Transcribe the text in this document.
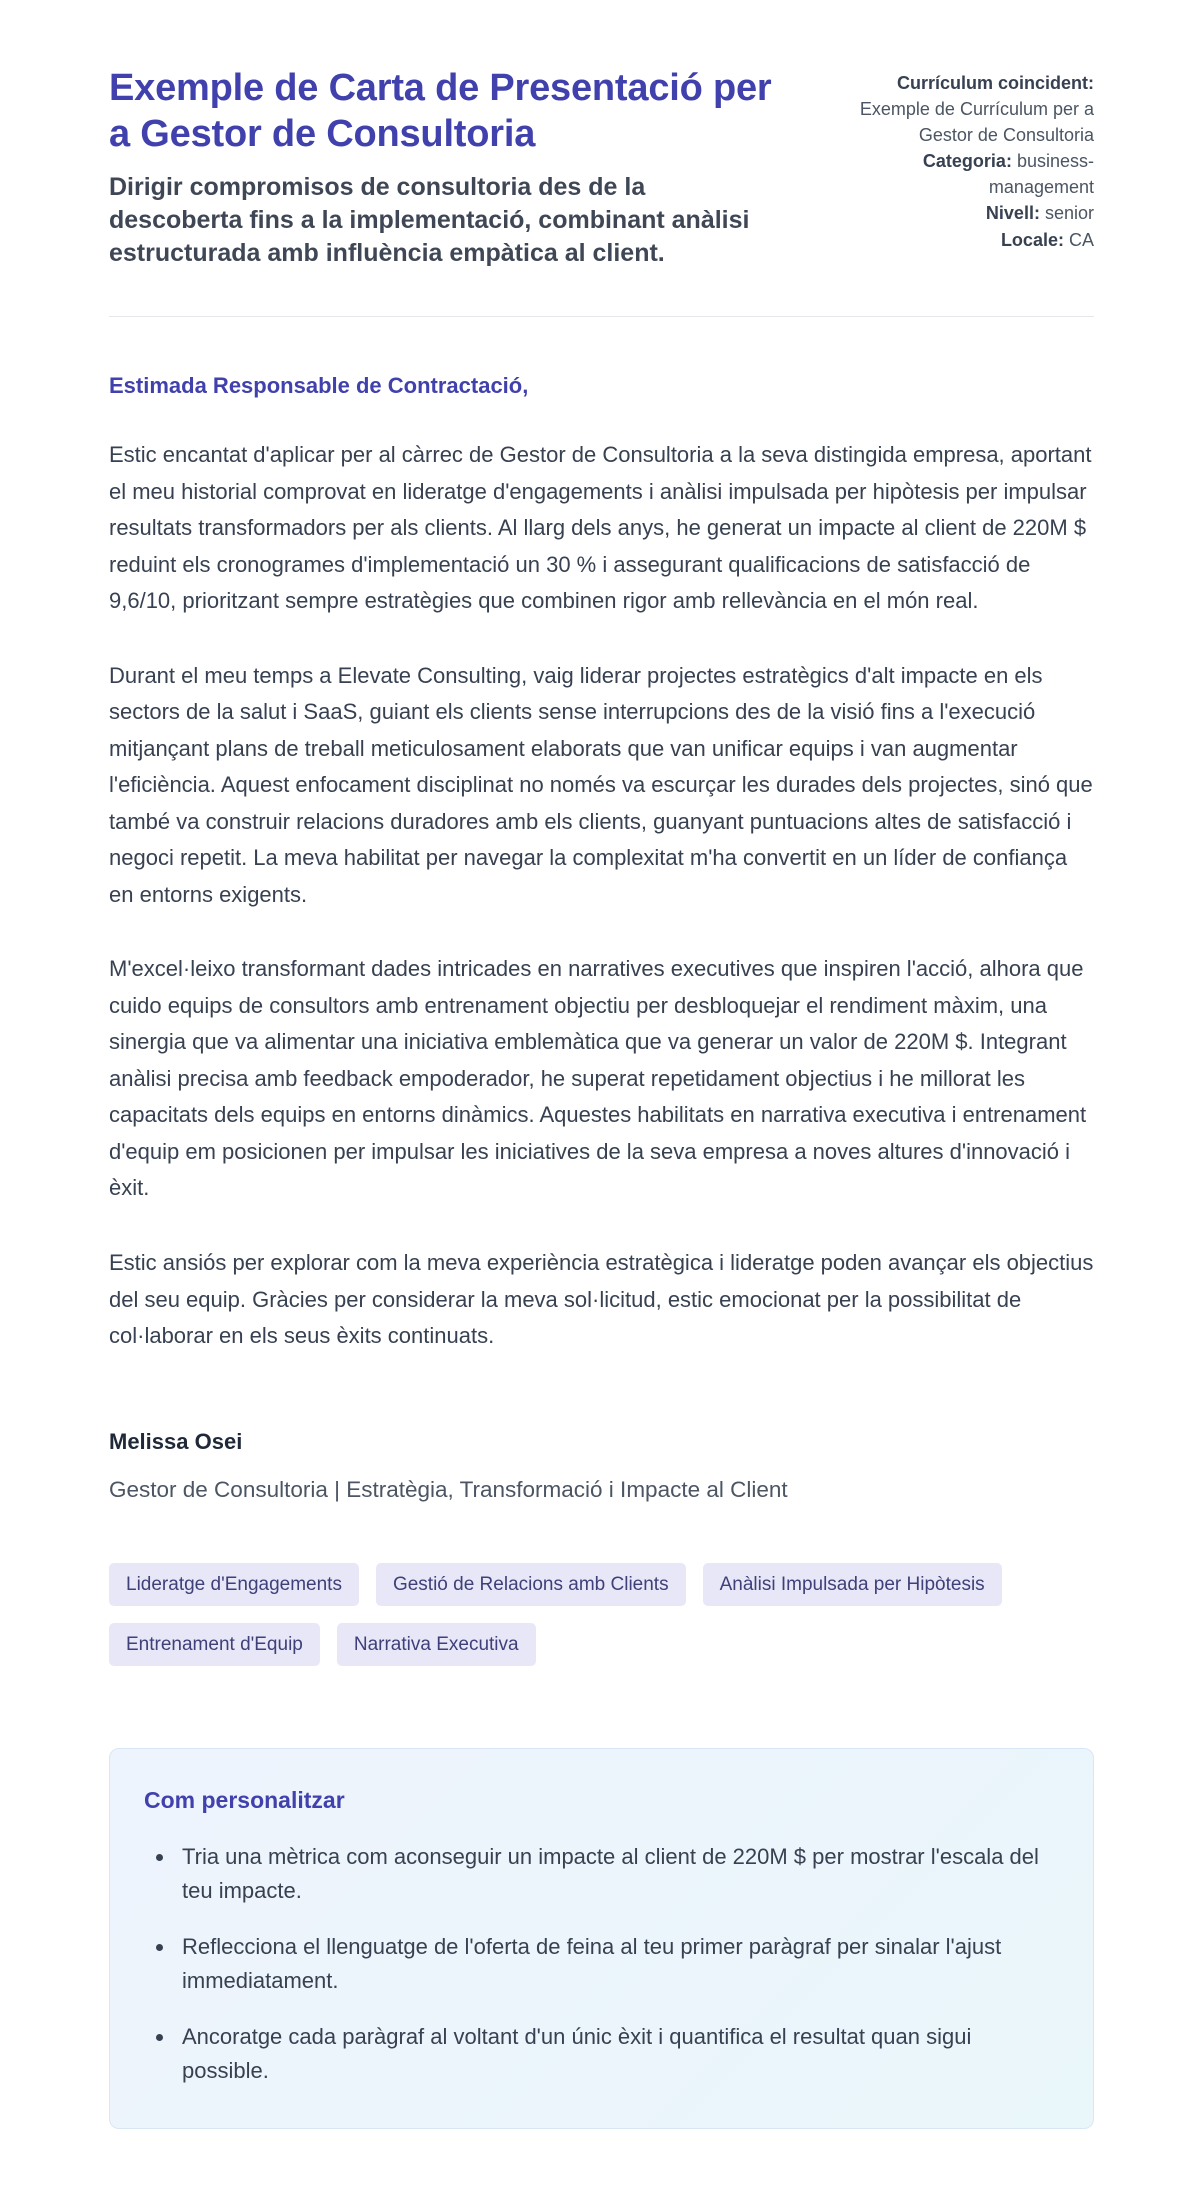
Exemple de Carta de Presentació per a Gestor de Consultoria

Dirigir compromisos de consultoria des de la descoberta fins a la implementació, combinant anàlisi estructurada amb influència empàtica al client.

Currículum coincident:
Exemple de Currículum per a Gestor de Consultoria
Categoria: business-management
Nivell: senior
Locale: CA

Estimada Responsable de Contractació,

Estic encantat d'aplicar per al càrrec de Gestor de Consultoria a la seva distingida empresa, aportant el meu historial comprovat en lideratge d'engagements i anàlisi impulsada per hipòtesis per impulsar resultats transformadors per als clients. Al llarg dels anys, he generat un impacte al client de 220M $ reduint els cronogrames d'implementació un 30 % i assegurant qualificacions de satisfacció de 9,6/10, prioritzant sempre estratègies que combinen rigor amb rellevància en el món real.

Durant el meu temps a Elevate Consulting, vaig liderar projectes estratègics d'alt impacte en els sectors de la salut i SaaS, guiant els clients sense interrupcions des de la visió fins a l'execució mitjançant plans de treball meticulosament elaborats que van unificar equips i van augmentar l'eficiència. Aquest enfocament disciplinat no només va escurçar les durades dels projectes, sinó que també va construir relacions duradores amb els clients, guanyant puntuacions altes de satisfacció i negoci repetit. La meva habilitat per navegar la complexitat m'ha convertit en un líder de confiança en entorns exigents.

M'excel·leixo transformant dades intricades en narratives executives que inspiren l'acció, alhora que cuido equips de consultors amb entrenament objectiu per desbloquejar el rendiment màxim, una sinergia que va alimentar una iniciativa emblemàtica que va generar un valor de 220M $. Integrant anàlisi precisa amb feedback empoderador, he superat repetidament objectius i he millorat les capacitats dels equips en entorns dinàmics. Aquestes habilitats en narrativa executiva i entrenament d'equip em posicionen per impulsar les iniciatives de la seva empresa a noves altures d'innovació i èxit.

Estic ansiós per explorar com la meva experiència estratègica i lideratge poden avançar els objectius del seu equip. Gràcies per considerar la meva sol·licitud, estic emocionat per la possibilitat de col·laborar en els seus èxits continuats.

Melissa Osei

Gestor de Consultoria | Estratègia, Transformació i Impacte al Client

Lideratge d'Engagements	Gestió de Relacions amb Clients	Anàlisi Impulsada per Hipòtesis
Entrenament d'Equip	Narrativa Executiva
Com personalitzar
• Tria una mètrica com aconseguir un impacte al client de 220M $ per mostrar l'escala del teu impacte.
• Reflecciona el llenguatge de l'oferta de feina al teu primer paràgraf per sinalar l'ajust immediatament.
• Ancoratge cada paràgraf al voltant d'un únic èxit i quantifica el resultat quan sigui possible.
